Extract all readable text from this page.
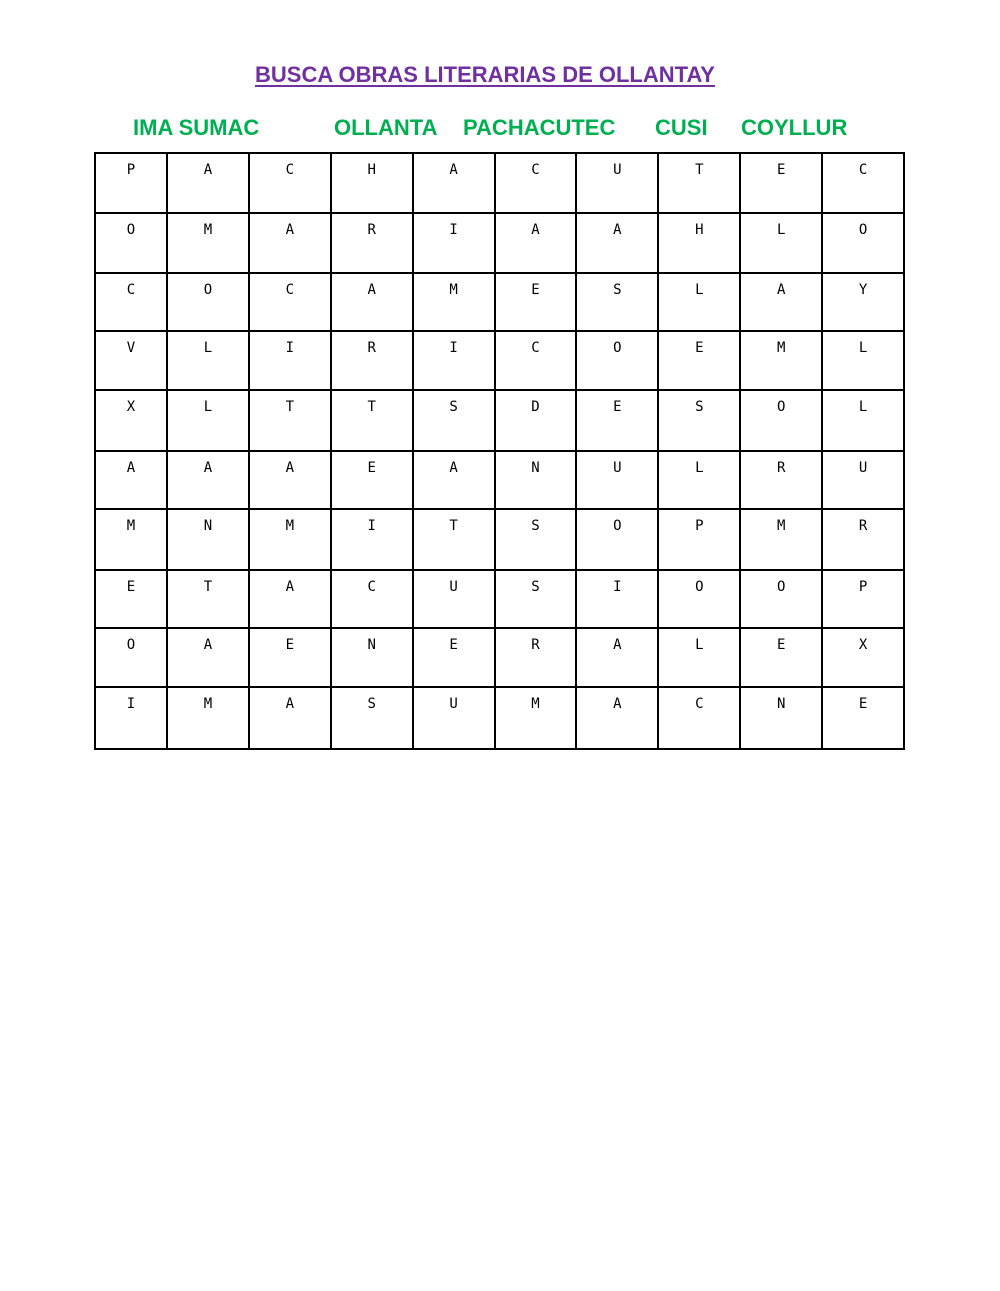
BUSCA OBRAS LITERARIAS DE OLLANTAY
IMA SUMAC	OLLANTA PACHACUTEC CUSI COYLLUR
P	A	C	H	A	C	U	T	E	C
O	M	A	R	I	A	A	H	L	O
C	O	C	A	M	E	S	L	A	Y
V	L	I	R	I	C	O	E	M	L
X	L	T	T	S	D	E	S	O	L
A	A	A	E	A	N	U	L	R	U
M	N	M	I	T	S	O	P	M	R
E	T	A	C	U	S	I	O	O	P
O	A	E	N	E	R	A	L	E	X
I	M	A	S	U	M	A	C	N	E
